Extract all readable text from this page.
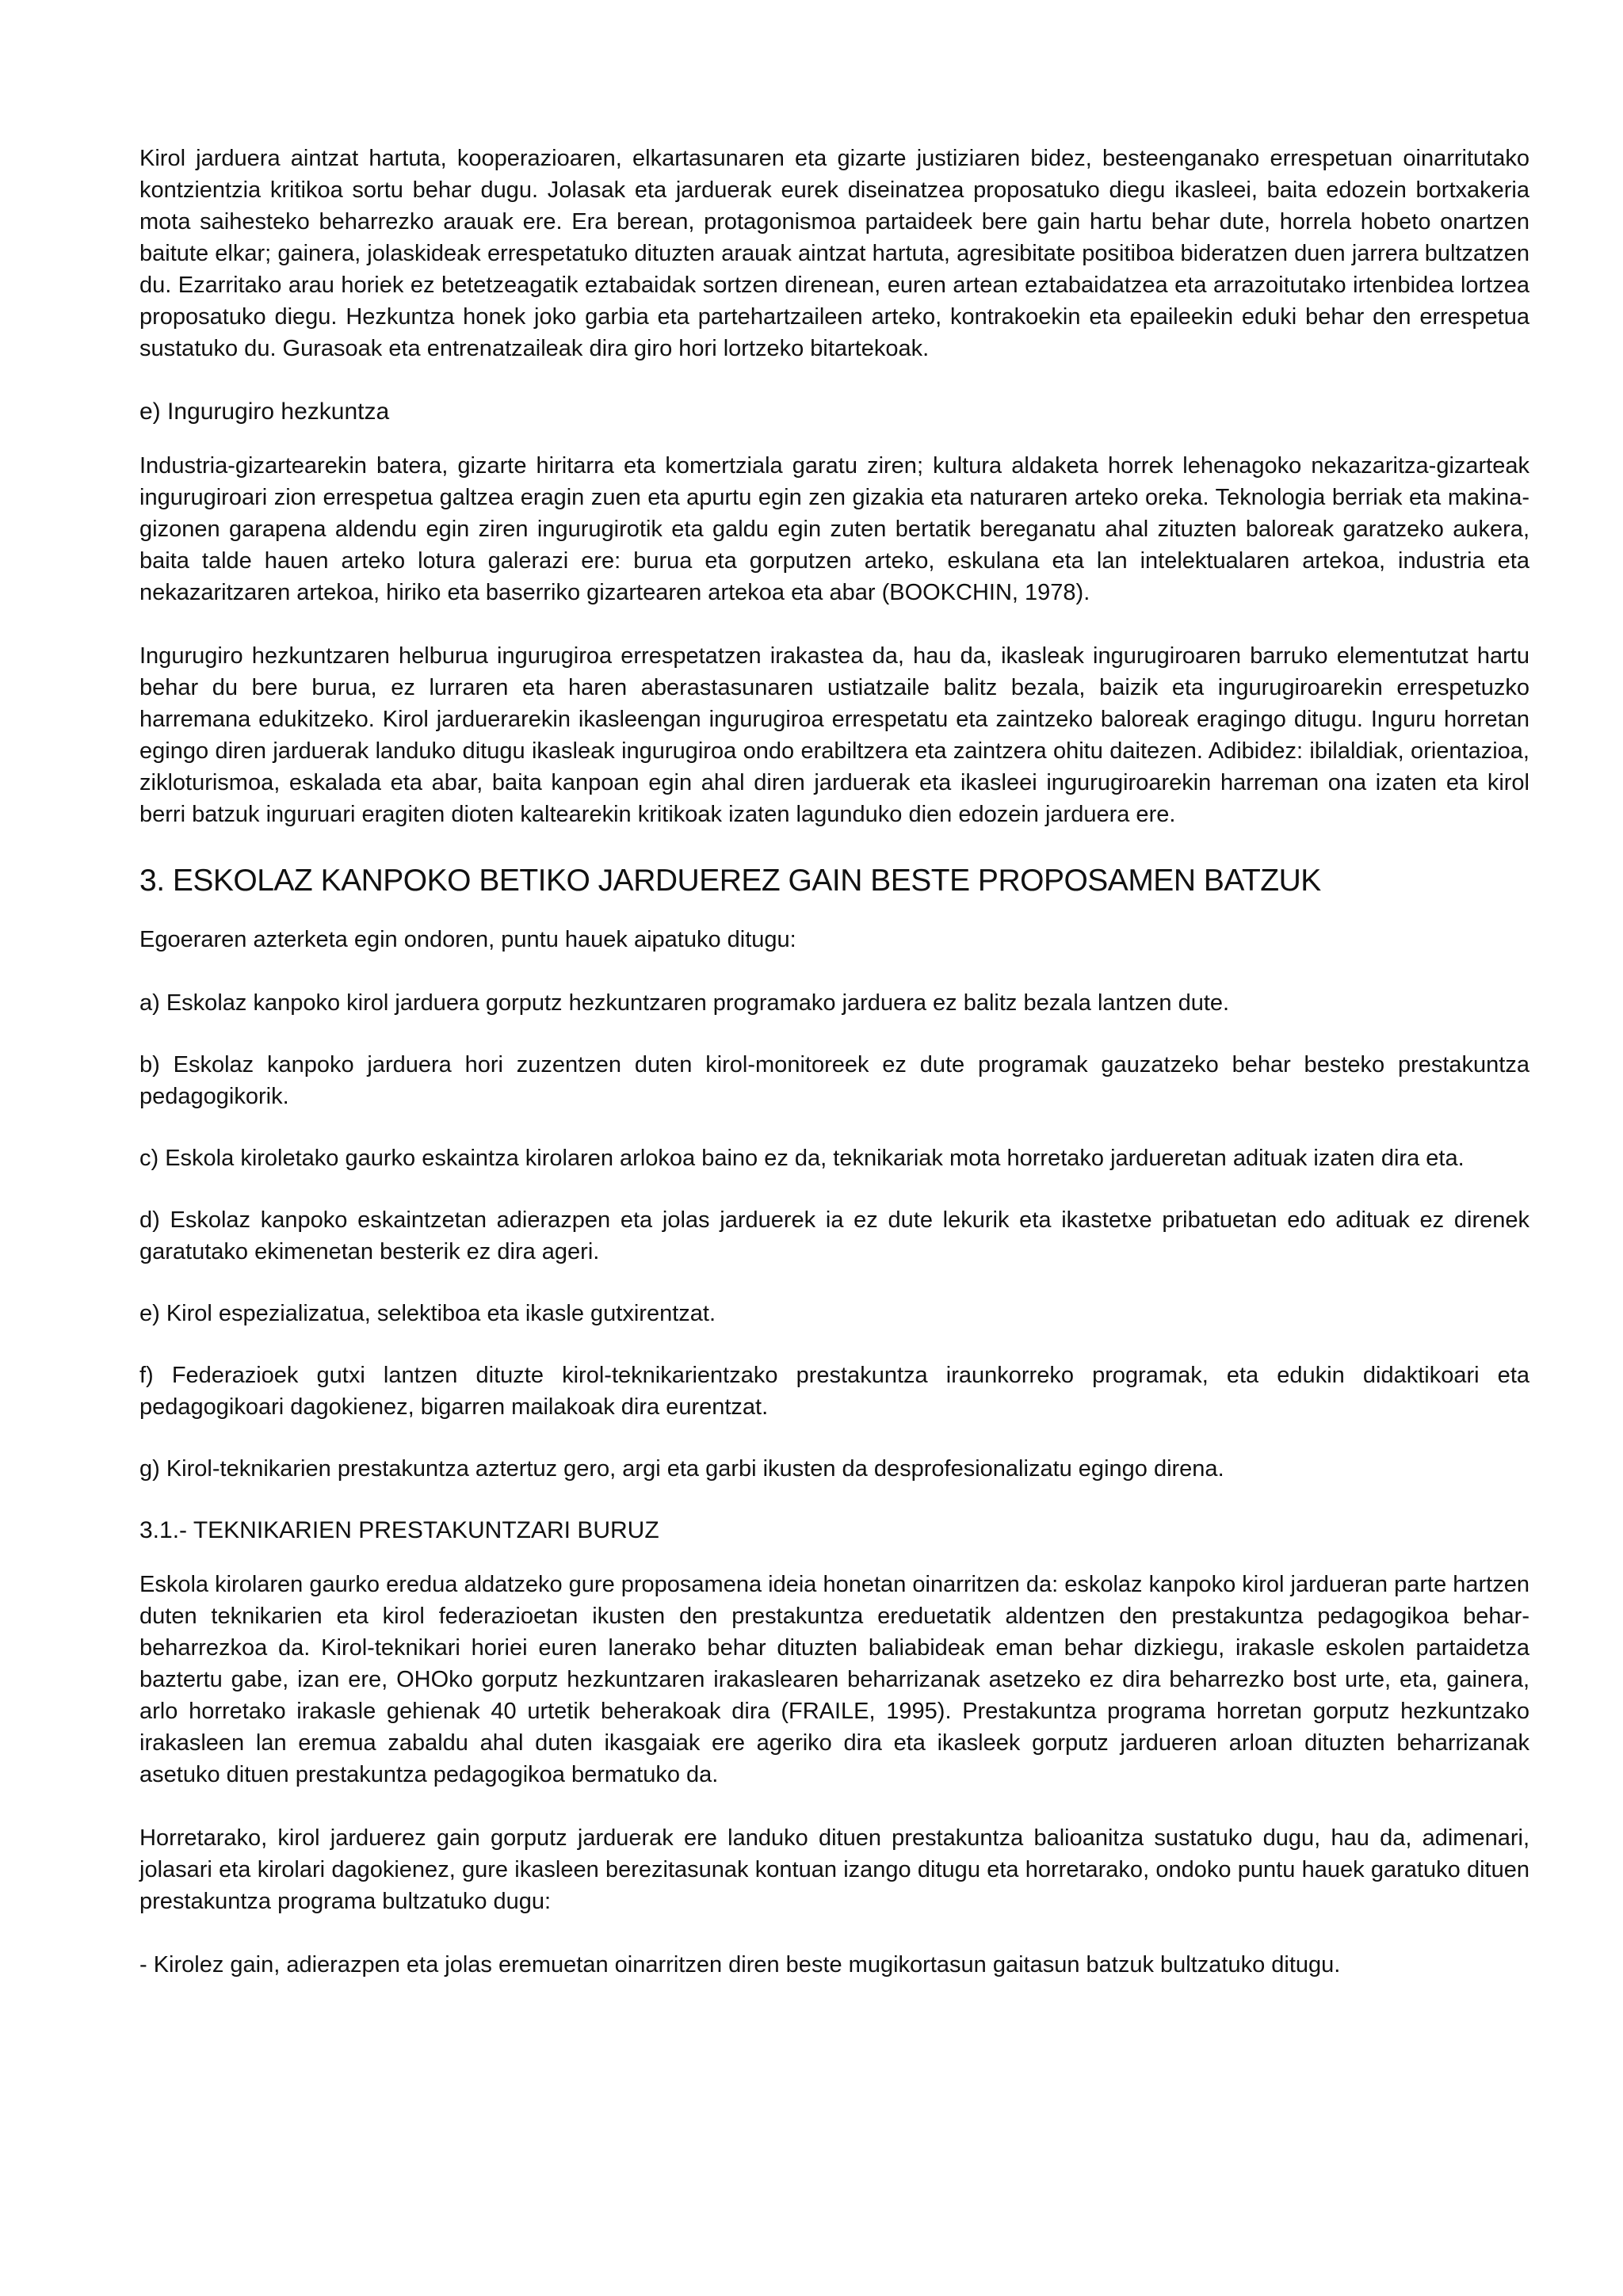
Kirol jarduera aintzat hartuta, kooperazioaren, elkartasunaren eta gizarte justiziaren bidez, besteenganako errespetuan oinarritutako kontzientzia kritikoa sortu behar dugu. Jolasak eta jarduerak eurek diseinatzea proposatuko diegu ikasleei, baita edozein bortxakeria mota saihesteko beharrezko arauak ere. Era berean, protagonismoa partaideek bere gain hartu behar dute, horrela hobeto onartzen baitute elkar; gainera, jolaskideak errespetatuko dituzten arauak aintzat hartuta, agresibitate positiboa bideratzen duen jarrera bultzatzen du. Ezarritako arau horiek ez betetzeagatik eztabaidak sortzen direnean, euren artean eztabaidatzea eta arrazoitutako irtenbidea lortzea proposatuko diegu. Hezkuntza honek joko garbia eta partehartzaileen arteko, kontrakoekin eta epaileekin eduki behar den errespetua sustatuko du. Gurasoak eta entrenatzaileak dira giro hori lortzeko bitartekoak.

e) Ingurugiro hezkuntza

Industria-gizartearekin batera, gizarte hiritarra eta komertziala garatu ziren; kultura aldaketa horrek lehenagoko nekazaritza-gizarteak ingurugiroari zion errespetua galtzea eragin zuen eta apurtu egin zen gizakia eta naturaren arteko oreka. Teknologia berriak eta makina-gizonen garapena aldendu egin ziren ingurugirotik eta galdu egin zuten bertatik bereganatu ahal zituzten baloreak garatzeko aukera, baita talde hauen arteko lotura galerazi ere: burua eta gorputzen arteko, eskulana eta lan intelektualaren artekoa, industria eta nekazaritzaren artekoa, hiriko eta baserriko gizartearen artekoa eta abar (BOOKCHIN, 1978).

Ingurugiro hezkuntzaren helburua ingurugiroa errespetatzen irakastea da, hau da, ikasleak ingurugiroaren barruko elementutzat hartu behar du bere burua, ez lurraren eta haren aberastasunaren ustiatzaile balitz bezala, baizik eta ingurugiroarekin errespetuzko harremana edukitzeko. Kirol jarduerarekin ikasleengan ingurugiroa errespetatu eta zaintzeko baloreak eragingo ditugu. Inguru horretan egingo diren jarduerak landuko ditugu ikasleak ingurugiroa ondo erabiltzera eta zaintzera ohitu daitezen. Adibidez: ibilaldiak, orientazioa, zikloturismoa, eskalada eta abar, baita kanpoan egin ahal diren jarduerak eta ikasleei ingurugiroarekin harreman ona izaten eta kirol berri batzuk inguruari eragiten dioten kaltearekin kritikoak izaten lagunduko dien edozein jarduera ere.

3. ESKOLAZ KANPOKO BETIKO JARDUEREZ GAIN BESTE PROPOSAMEN BATZUK

Egoeraren azterketa egin ondoren, puntu hauek aipatuko ditugu:

a) Eskolaz kanpoko kirol jarduera gorputz hezkuntzaren programako jarduera ez balitz bezala lantzen dute.

b) Eskolaz kanpoko jarduera hori zuzentzen duten kirol-monitoreek ez dute programak gauzatzeko behar besteko prestakuntza pedagogikorik.

c) Eskola kiroletako gaurko eskaintza kirolaren arlokoa baino ez da, teknikariak mota horretako jardueretan adituak izaten dira eta.

d) Eskolaz kanpoko eskaintzetan adierazpen eta jolas jarduerek ia ez dute lekurik eta ikastetxe pribatuetan edo adituak ez direnek garatutako ekimenetan besterik ez dira ageri.

e) Kirol espezializatua, selektiboa eta ikasle gutxirentzat.

f) Federazioek gutxi lantzen dituzte kirol-teknikarientzako prestakuntza iraunkorreko programak, eta edukin didaktikoari eta pedagogikoari dagokienez, bigarren mailakoak dira eurentzat.

g) Kirol-teknikarien prestakuntza aztertuz gero, argi eta garbi ikusten da desprofesionalizatu egingo direna.

3.1.- TEKNIKARIEN PRESTAKUNTZARI BURUZ

Eskola kirolaren gaurko eredua aldatzeko gure proposamena ideia honetan oinarritzen da: eskolaz kanpoko kirol jardueran parte hartzen duten teknikarien eta kirol federazioetan ikusten den prestakuntza ereduetatik aldentzen den prestakuntza pedagogikoa behar-beharrezkoa da. Kirol-teknikari horiei euren lanerako behar dituzten baliabideak eman behar dizkiegu, irakasle eskolen partaidetza baztertu gabe, izan ere, OHOko gorputz hezkuntzaren irakaslearen beharrizanak asetzeko ez dira beharrezko bost urte, eta, gainera, arlo horretako irakasle gehienak 40 urtetik beherakoak dira (FRAILE, 1995). Prestakuntza programa horretan gorputz hezkuntzako irakasleen lan eremua zabaldu ahal duten ikasgaiak ere ageriko dira eta ikasleek gorputz jardueren arloan dituzten beharrizanak asetuko dituen prestakuntza pedagogikoa bermatuko da.

Horretarako, kirol jarduerez gain gorputz jarduerak ere landuko dituen prestakuntza balioanitza sustatuko dugu, hau da, adimenari, jolasari eta kirolari dagokienez, gure ikasleen berezitasunak kontuan izango ditugu eta horretarako, ondoko puntu hauek garatuko dituen prestakuntza programa bultzatuko dugu:

- Kirolez gain, adierazpen eta jolas eremuetan oinarritzen diren beste mugikortasun gaitasun batzuk bultzatuko ditugu.
